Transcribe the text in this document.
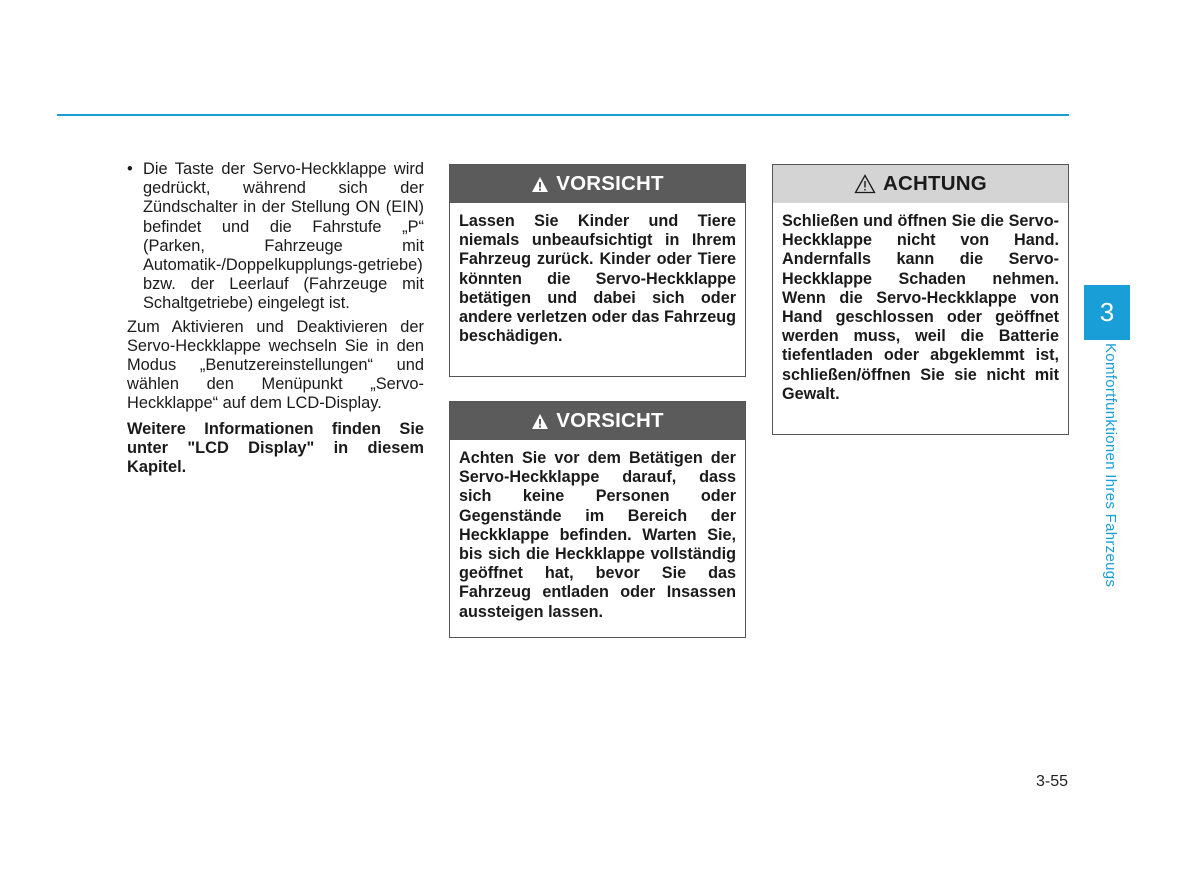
• Die Taste der Servo-Heckklappe wird gedrückt, während sich der Zündschalter in der Stellung ON (EIN) befindet und die Fahrstufe „P“ (Parken, Fahrzeuge mit Automatik-/Doppelkupplungs-getriebe) bzw. der Leerlauf (Fahrzeuge mit Schaltgetriebe) eingelegt ist.

Zum Aktivieren und Deaktivieren der Servo-Heckklappe wechseln Sie in den Modus „Benutzereinstellungen“ und wählen den Menüpunkt „Servo-Heckklappe“ auf dem LCD-Display.

Weitere Informationen finden Sie unter "LCD Display" in diesem Kapitel.

VORSICHT
Lassen Sie Kinder und Tiere niemals unbeaufsichtigt in Ihrem Fahrzeug zurück. Kinder oder Tiere könnten die Servo-Heckklappe betätigen und dabei sich oder andere verletzen oder das Fahrzeug beschädigen.
VORSICHT
Achten Sie vor dem Betätigen der Servo-Heckklappe darauf, dass sich keine Personen oder Gegenstände im Bereich der Heckklappe befinden. Warten Sie, bis sich die Heckklappe vollständig geöffnet hat, bevor Sie das Fahrzeug entladen oder Insassen aussteigen lassen.
ACHTUNG
Schließen und öffnen Sie die Servo- Heckklappe nicht von Hand. Andernfalls kann die Servo- Heckklappe Schaden nehmen. Wenn die Servo-Heckklappe von Hand geschlossen oder geöffnet werden muss, weil die Batterie tiefentladen oder abgeklemmt ist, schließen/öffnen Sie sie nicht mit Gewalt.
3
Komfortfunktionen Ihres Fahrzeugs
3-55
